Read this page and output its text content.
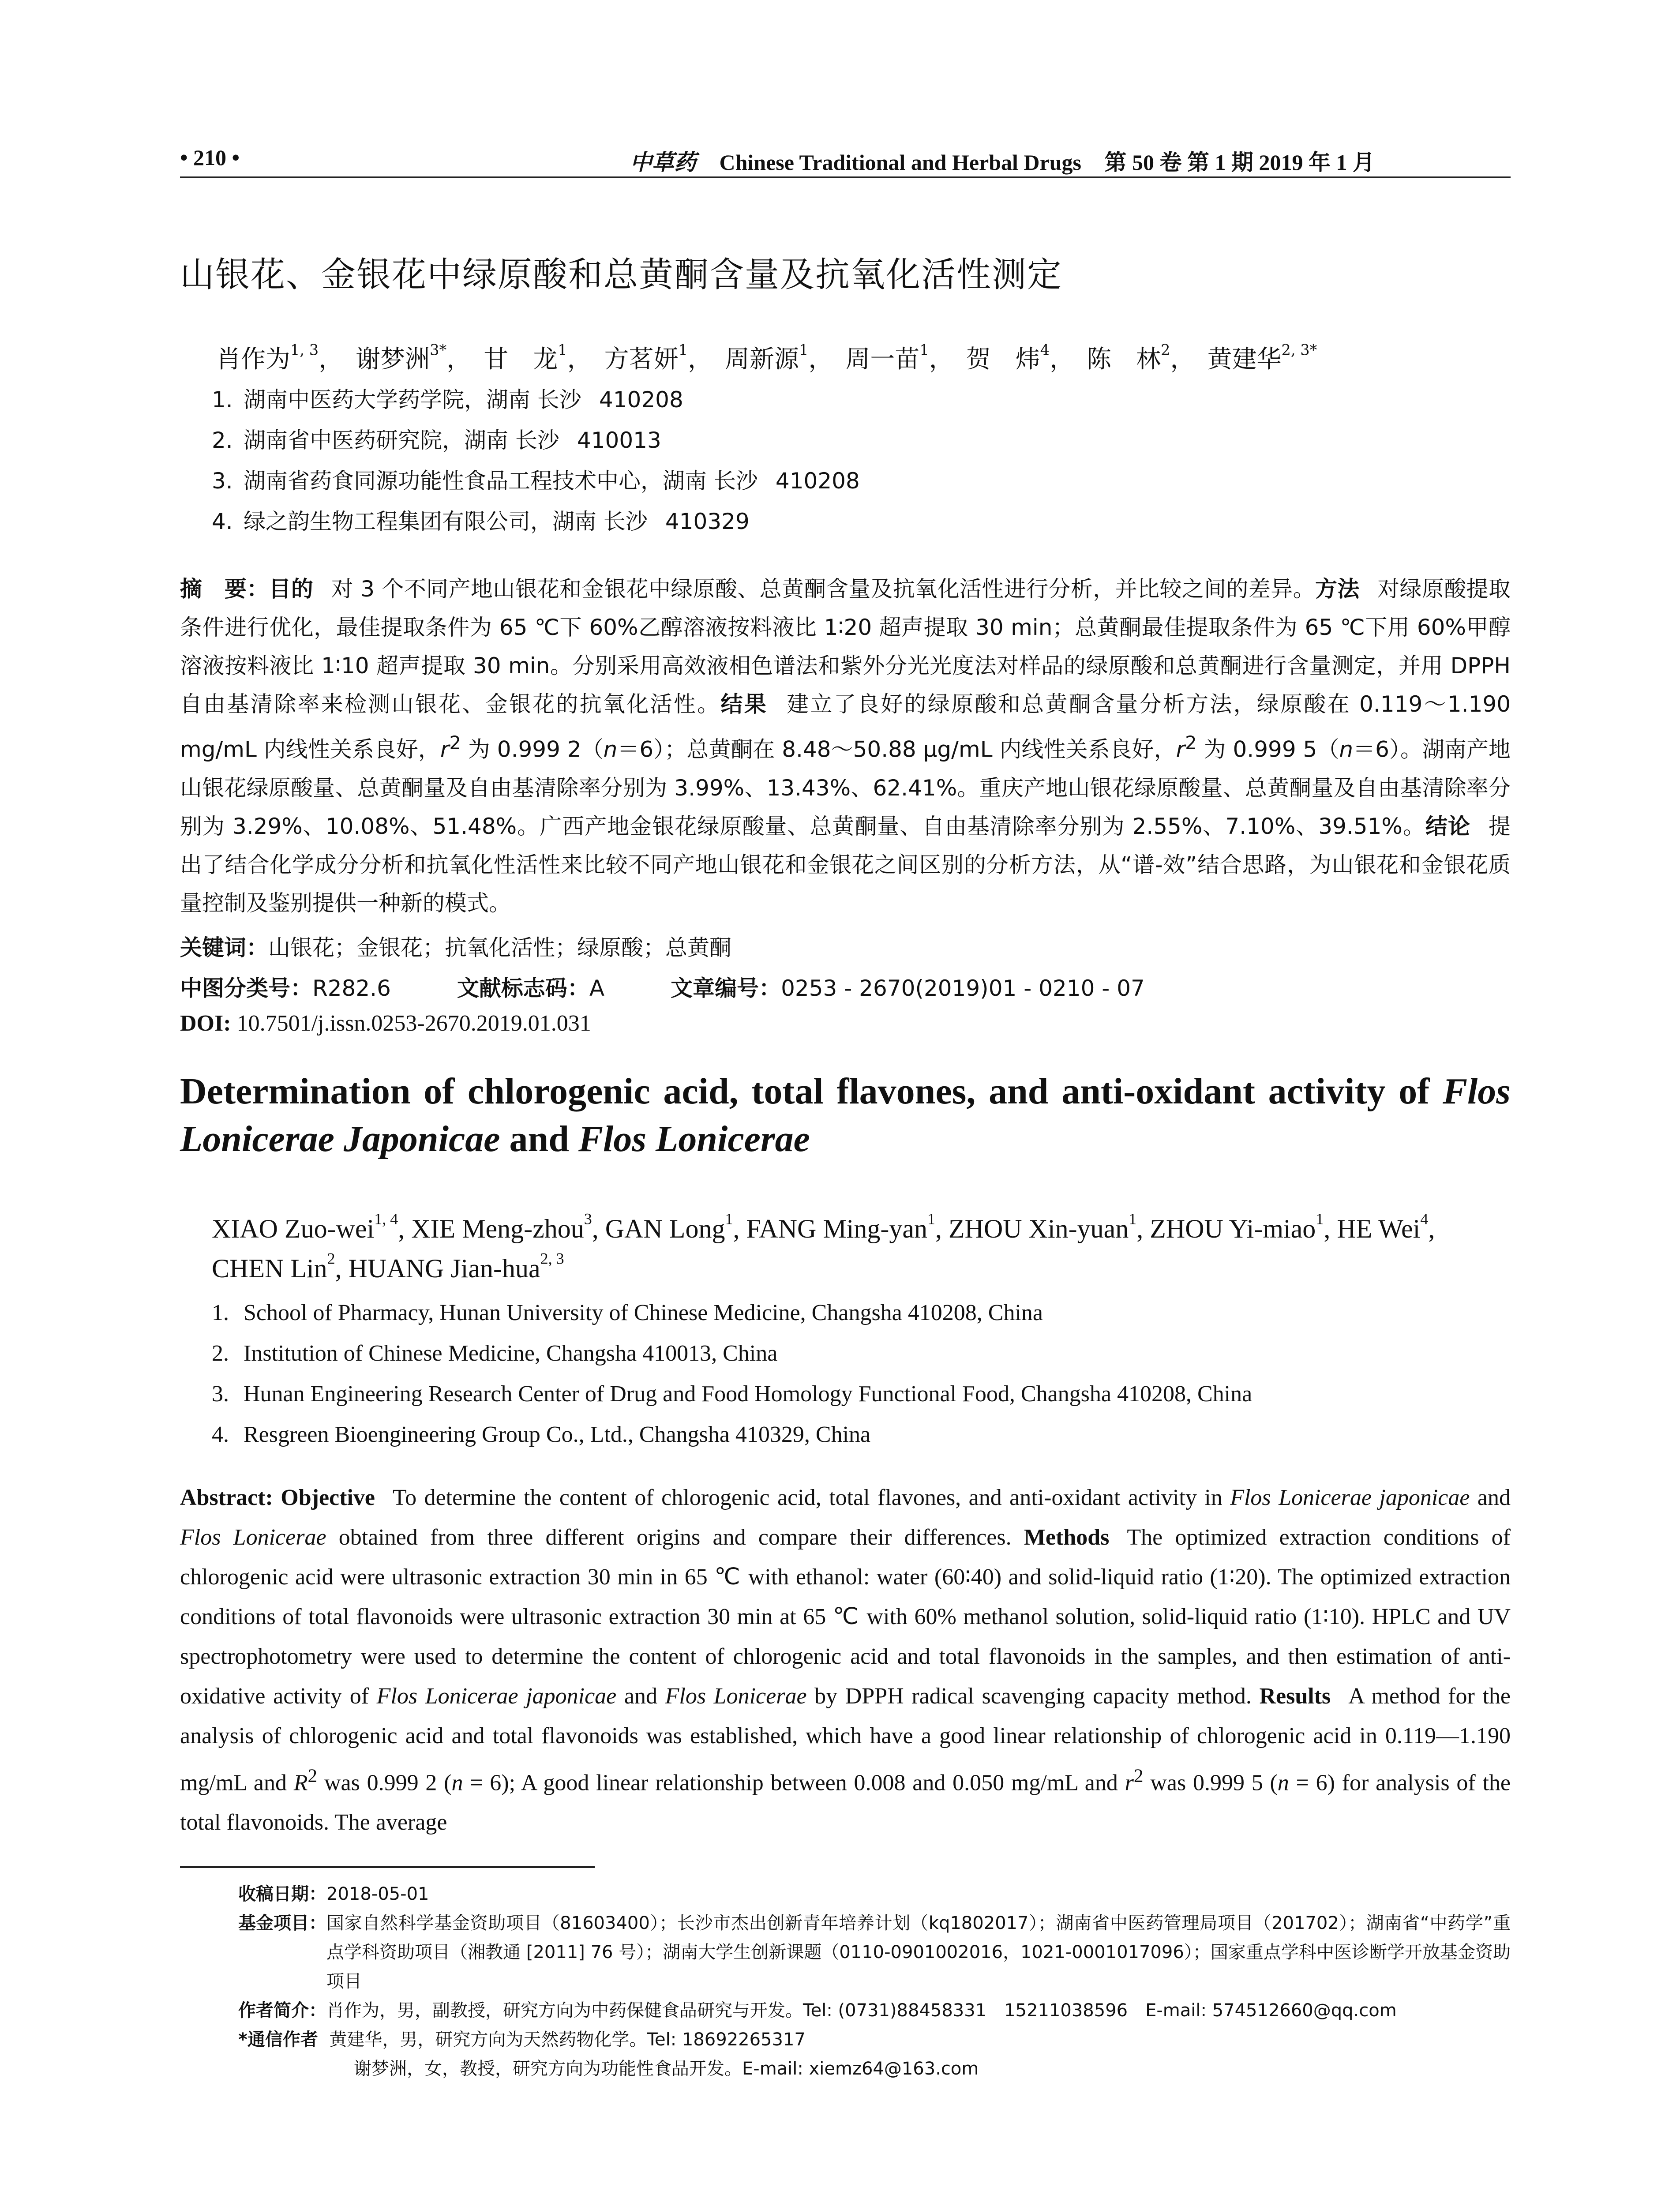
• 210 •	中草药 Chinese Traditional and Herbal Drugs 第 50 卷 第 1 期 2019 年 1 月
山银花、金银花中绿原酸和总黄酮含量及抗氧化活性测定
肖作为$^{1, 3}$， 谢梦洲$^{3*}$， 甘　龙$^1$， 方茗妍$^1$， 周新源$^1$， 周一苗$^1$， 贺　炜$^4$， 陈　林$^2$， 黄建华$^{2, 3*}$
1. 湖南中医药大学药学院，湖南 长沙 410208
2. 湖南省中医药研究院，湖南 长沙 410013
3. 湖南省药食同源功能性食品工程技术中心，湖南 长沙 410208
4. 绿之韵生物工程集团有限公司，湖南 长沙 410329
摘　要：目的 对 3 个不同产地山银花和金银花中绿原酸、总黄酮含量及抗氧化活性进行分析，并比较之间的差异。方法 对绿原酸提取条件进行优化，最佳提取条件为 65 ℃下 60%乙醇溶液按料液比 1∶20 超声提取 30 min；总黄酮最佳提取条件为 65 ℃下用 60%甲醇溶液按料液比 1∶10 超声提取 30 min。分别采用高效液相色谱法和紫外分光光度法对样品的绿原酸和总黄酮进行含量测定，并用 DPPH 自由基清除率来检测山银花、金银花的抗氧化活性。结果 建立了良好的绿原酸和总黄酮含量分析方法，绿原酸在 0.119～1.190 mg/mL 内线性关系良好，$r^2$ 为 0.999 2（n＝6）；总黄酮在 8.48～50.88 μg/mL 内线性关系良好，$r^2$ 为 0.999 5（n＝6）。湖南产地山银花绿原酸量、总黄酮量及自由基清除率分别为 3.99%、13.43%、62.41%。重庆产地山银花绿原酸量、总黄酮量及自由基清除率分别为 3.29%、10.08%、51.48%。广西产地金银花绿原酸量、总黄酮量、自由基清除率分别为 2.55%、7.10%、39.51%。结论 提出了结合化学成分分析和抗氧化性活性来比较不同产地山银花和金银花之间区别的分析方法，从“谱-效”结合思路，为山银花和金银花质量控制及鉴别提供一种新的模式。
关键词：山银花；金银花；抗氧化活性；绿原酸；总黄酮
中图分类号：R282.6	文献标志码：A	文章编号：0253 - 2670(2019)01 - 0210 - 07
DOI: 10.7501/j.issn.0253-2670.2019.01.031
Determination of chlorogenic acid, total flavones, and anti-oxidant activity of Flos Lonicerae Japonicae and Flos Lonicerae
XIAO Zuo-wei$^{1, 4}$, XIE Meng-zhou$^3$, GAN Long$^1$, FANG Ming-yan$^1$, ZHOU Xin-yuan$^1$, ZHOU Yi-miao$^1$, HE Wei$^4$, CHEN Lin$^2$, HUANG Jian-hua$^{2, 3}$
1. School of Pharmacy, Hunan University of Chinese Medicine, Changsha 410208, China
2. Institution of Chinese Medicine, Changsha 410013, China
3. Hunan Engineering Research Center of Drug and Food Homology Functional Food, Changsha 410208, China
4. Resgreen Bioengineering Group Co., Ltd., Changsha 410329, China
Abstract: Objective To determine the content of chlorogenic acid, total flavones, and anti-oxidant activity in Flos Lonicerae japonicae and Flos Lonicerae obtained from three different origins and compare their differences. Methods The optimized extraction conditions of chlorogenic acid were ultrasonic extraction 30 min in 65 ℃ with ethanol: water (60∶40) and solid-liquid ratio (1∶20). The optimized extraction conditions of total flavonoids were ultrasonic extraction 30 min at 65 ℃ with 60% methanol solution, solid-liquid ratio (1∶10). HPLC and UV spectrophotometry were used to determine the content of chlorogenic acid and total flavonoids in the samples, and then estimation of anti-oxidative activity of Flos Lonicerae japonicae and Flos Lonicerae by DPPH radical scavenging capacity method. Results A method for the analysis of chlorogenic acid and total flavonoids was established, which have a good linear relationship of chlorogenic acid in 0.119—1.190 mg/mL and $R^2$ was 0.999 2 (n = 6); A good linear relationship between 0.008 and 0.050 mg/mL and $r^2$ was 0.999 5 (n = 6) for analysis of the total flavonoids. The average
收稿日期： 2018-05-01
基金项目： 国家自然科学基金资助项目（81603400）；长沙市杰出创新青年培养计划（kq1802017）；湖南省中医药管理局项目（201702）；湖南省“中药学”重点学科资助项目（湘教通 [2011] 76 号）；湖南大学生创新课题（0110-0901002016，1021-0001017096）；国家重点学科中医诊断学开放基金资助项目
作者简介： 肖作为，男，副教授，研究方向为中药保健食品研究与开发。Tel: (0731)88458331　15211038596　E-mail: 574512660@qq.com
*通信作者
黄建华，男，研究方向为天然药物化学。Tel: 18692265317
谢梦洲，女，教授，研究方向为功能性食品开发。E-mail: xiemz64@163.com
